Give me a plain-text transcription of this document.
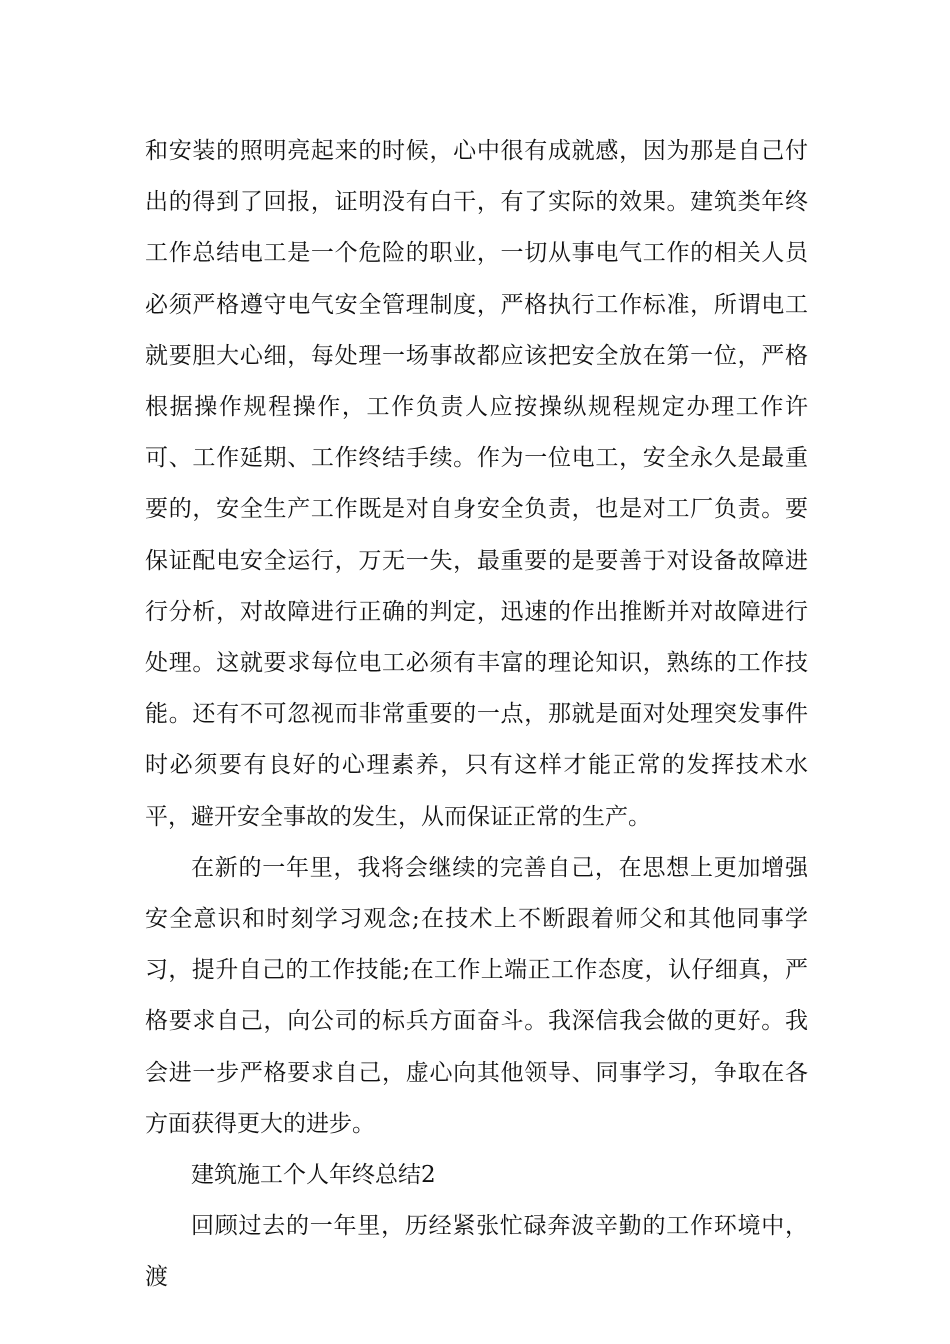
和安装的照明亮起来的时候，心中很有成就感，因为那是自己付出的得到了回报，证明没有白干，有了实际的效果。建筑类年终工作总结电工是一个危险的职业，一切从事电气工作的相关人员必须严格遵守电气安全管理制度，严格执行工作标准，所谓电工就要胆大心细，每处理一场事故都应该把安全放在第一位，严格根据操作规程操作，工作负责人应按操纵规程规定办理工作许可、工作延期、工作终结手续。作为一位电工，安全永久是最重要的，安全生产工作既是对自身安全负责，也是对工厂负责。要保证配电安全运行，万无一失，最重要的是要善于对设备故障进行分析，对故障进行正确的判定，迅速的作出推断并对故障进行处理。这就要求每位电工必须有丰富的理论知识，熟练的工作技能。还有不可忽视而非常重要的一点，那就是面对处理突发事件时必须要有良好的心理素养，只有这样才能正常的发挥技术水平，避开安全事故的发生，从而保证正常的生产。

在新的一年里，我将会继续的完善自己，在思想上更加增强安全意识和时刻学习观念;在技术上不断跟着师父和其他同事学习，提升自己的工作技能;在工作上端正工作态度，认仔细真，严格要求自己，向公司的标兵方面奋斗。我深信我会做的更好。我会进一步严格要求自己，虚心向其他领导、同事学习，争取在各方面获得更大的进步。

建筑施工个人年终总结2

回顾过去的一年里，历经紧张忙碌奔波辛勤的工作环境中，渡
